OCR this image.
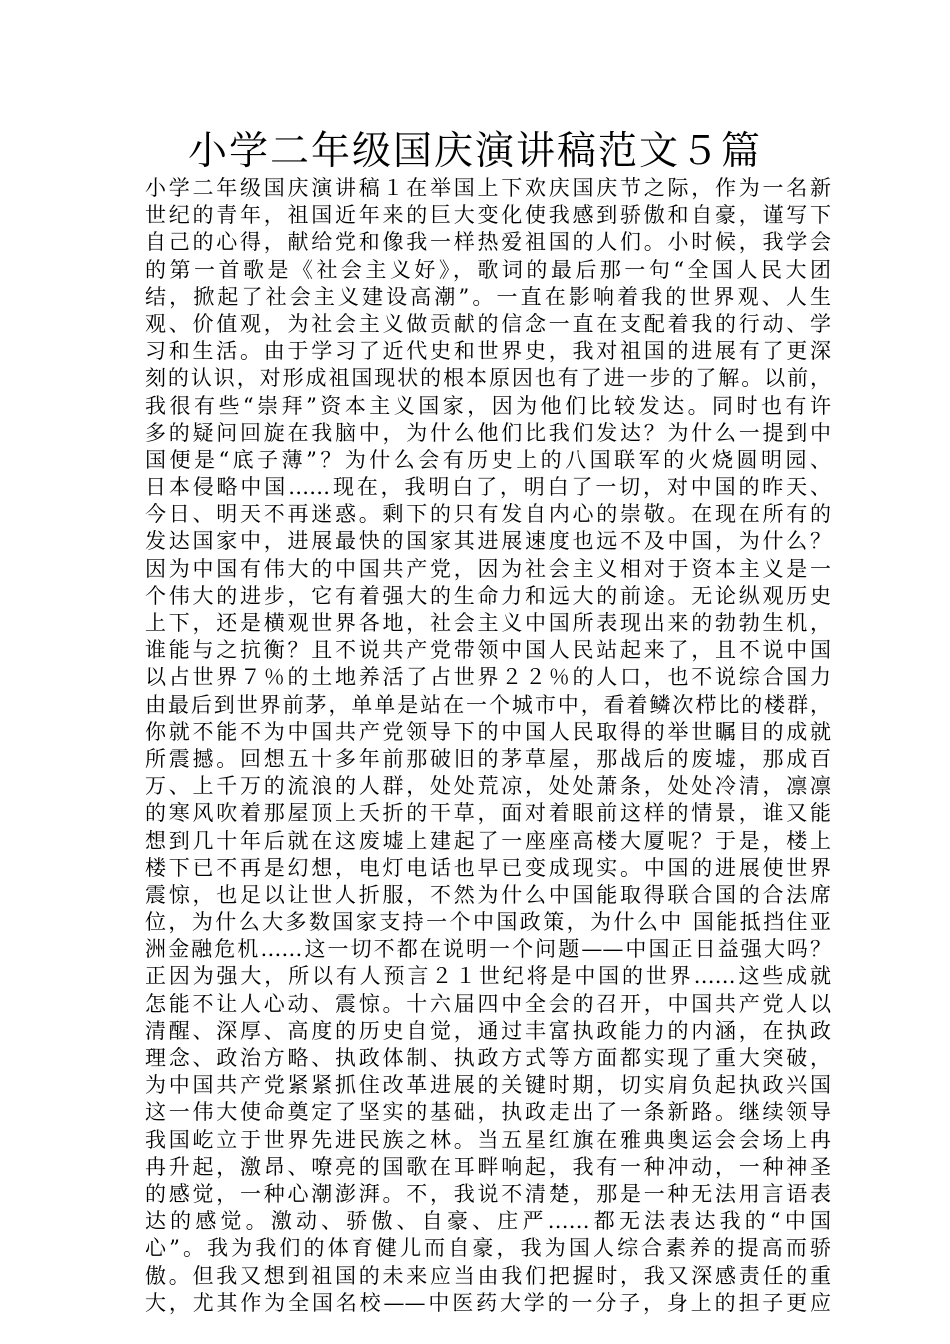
小学二年级国庆演讲稿范文５篇
小学二年级国庆演讲稿１在举国上下欢庆国庆节之际，作为一名新
世纪的青年，祖国近年来的巨大变化使我感到骄傲和自豪，谨写下
自己的心得，献给党和像我一样热爱祖国的人们。小时候，我学会
的第一首歌是《社会主义好》，歌词的最后那一句“全国人民大团
结，掀起了社会主义建设高潮”。一直在影响着我的世界观、人生
观、价值观，为社会主义做贡献的信念一直在支配着我的行动、学
习和生活。由于学习了近代史和世界史，我对祖国的进展有了更深
刻的认识，对形成祖国现状的根本原因也有了进一步的了解。以前，
我很有些“崇拜”资本主义国家，因为他们比较发达。同时也有许
多的疑问回旋在我脑中，为什么他们比我们发达？为什么一提到中
国便是“底子薄”？为什么会有历史上的八国联军的火烧圆明园、
日本侵略中国……现在，我明白了，明白了一切，对中国的昨天、
今日、明天不再迷惑。剩下的只有发自内心的崇敬。在现在所有的
发达国家中，进展最快的国家其进展速度也远不及中国，为什么？
因为中国有伟大的中国共产党，因为社会主义相对于资本主义是一
个伟大的进步，它有着强大的生命力和远大的前途。无论纵观历史
上下，还是横观世界各地，社会主义中国所表现出来的勃勃生机，
谁能与之抗衡？且不说共产党带领中国人民站起来了，且不说中国
以占世界７％的土地养活了占世界２２％的人口，也不说综合国力
由最后到世界前茅，单单是站在一个城市中，看着鳞次栉比的楼群，
你就不能不为中国共产党领导下的中国人民取得的举世瞩目的成就
所震撼。回想五十多年前那破旧的茅草屋，那战后的废墟，那成百
万、上千万的流浪的人群，处处荒凉，处处萧条，处处冷清，凛凛
的寒风吹着那屋顶上夭折的干草，面对着眼前这样的情景，谁又能
想到几十年后就在这废墟上建起了一座座高楼大厦呢？于是，楼上
楼下已不再是幻想，电灯电话也早已变成现实。中国的进展使世界
震惊，也足以让世人折服，不然为什么中国能取得联合国的合法席
位，为什么大多数国家支持一个中国政策，为什么中 国能抵挡住亚
洲金融危机……这一切不都在说明一个问题——中国正日益强大吗？
正因为强大，所以有人预言２１世纪将是中国的世界……这些成就
怎能不让人心动、震惊。十六届四中全会的召开，中国共产党人以
清醒、深厚、高度的历史自觉，通过丰富执政能力的内涵，在执政
理念、政治方略、执政体制、执政方式等方面都实现了重大突破，
为中国共产党紧紧抓住改革进展的关键时期，切实肩负起执政兴国
这一伟大使命奠定了坚实的基础，执政走出了一条新路。继续领导
我国屹立于世界先进民族之林。当五星红旗在雅典奥运会会场上冉
冉升起，激昂、嘹亮的国歌在耳畔响起，我有一种冲动，一种神圣
的感觉，一种心潮澎湃。不，我说不清楚，那是一种无法用言语表
达的感觉。激动、骄傲、自豪、庄严……都无法表达我的“中国
心”。我为我们的体育健儿而自豪，我为国人综合素养的提高而骄
傲。但我又想到祖国的未来应当由我们把握时，我又深感责任的重
大，尤其作为全国名校——中医药大学的一分子，身上的担子更应
